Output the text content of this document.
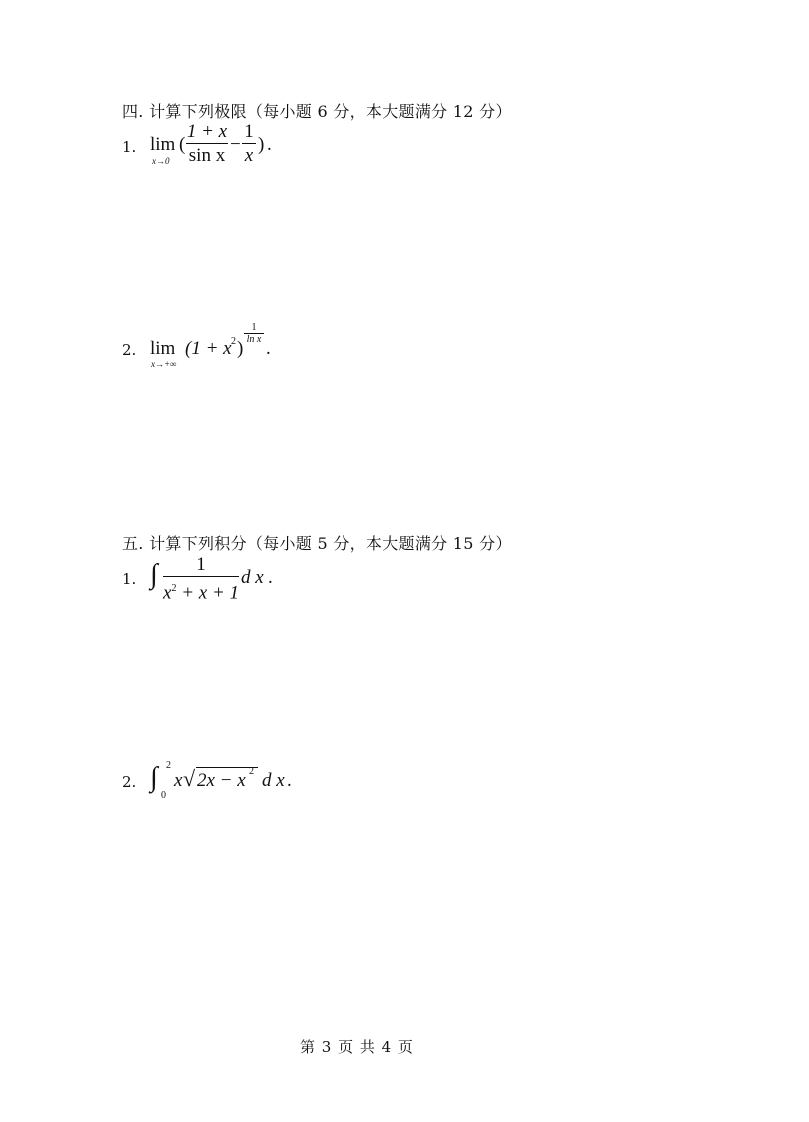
四. 计算下列极限（每小题 6 分，本大题满分 12 分）
1. lim
x→0
(
1 + x
sin x
−
1
x
) .
2. lim
x→+∞
(1 + x 2 )
1
ln x .
五. 计算下列积分（每小题 5 分，本大题满分 15 分）
1. ∫	1
$x^2 + x + 1$
d x .
2. ∫ 2
0
x √ 2x − x 2 d x .
第 3 页 共 4 页
